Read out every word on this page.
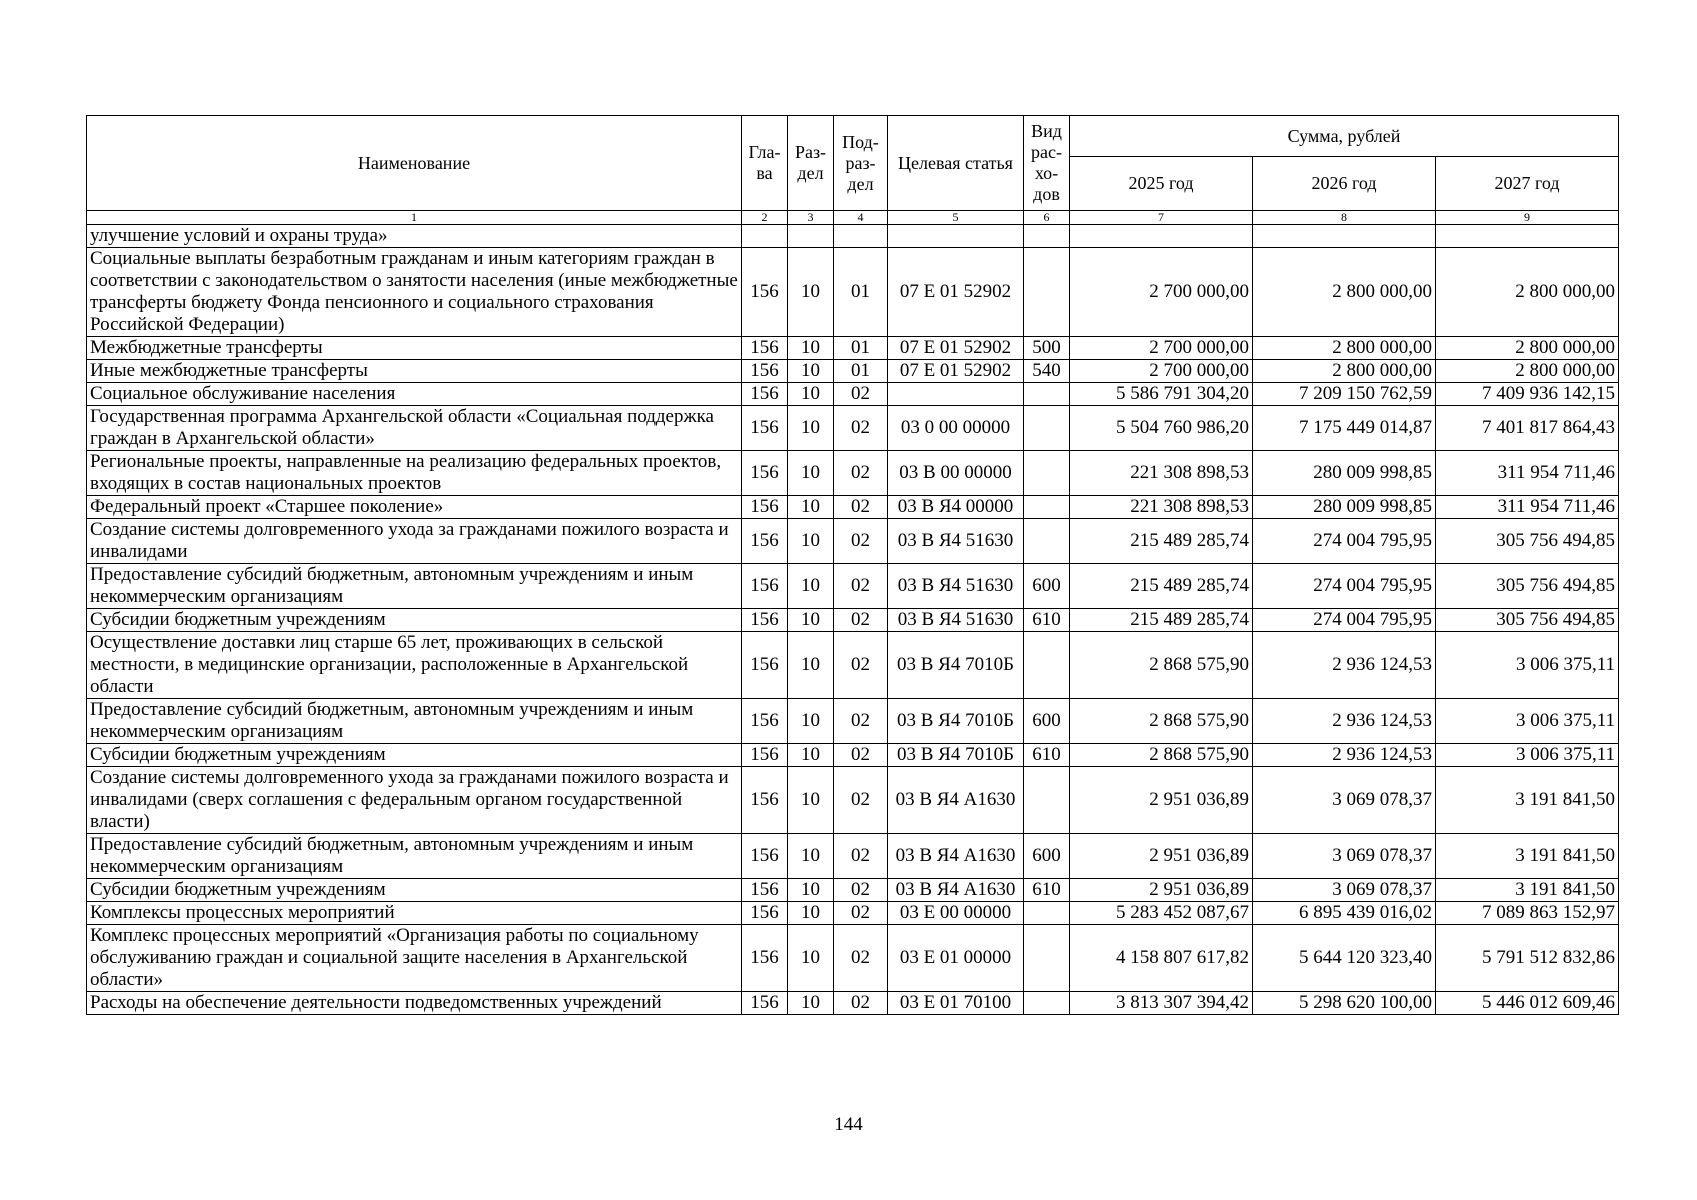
Наименование	Гла-ва	Раз-дел	Под-раз-дел	Целевая статья	Вид рас-хо-дов	Сумма, рублей		
						2025 год	2026 год	2027 год
1	2	3	4	5	6	7	8	9
улучшение условий и охраны труда»								
Социальные выплаты безработным гражданам и иным категориям граждан в соответствии с законодательством о занятости населения (иные межбюджетные трансферты бюджету Фонда пенсионного и социального страхования Российской Федерации)	156	10	01	07 Е 01 52902		2 700 000,00	2 800 000,00	2 800 000,00
Межбюджетные трансферты	156	10	01	07 Е 01 52902	500	2 700 000,00	2 800 000,00	2 800 000,00
Иные межбюджетные трансферты	156	10	01	07 Е 01 52902	540	2 700 000,00	2 800 000,00	2 800 000,00
Социальное обслуживание населения	156	10	02			5 586 791 304,20	7 209 150 762,59	7 409 936 142,15
Государственная программа Архангельской области «Социальная поддержка граждан в Архангельской области»	156	10	02	03 0 00 00000		5 504 760 986,20	7 175 449 014,87	7 401 817 864,43
Региональные проекты, направленные на реализацию федеральных проектов, входящих в состав национальных проектов	156	10	02	03 В 00 00000		221 308 898,53	280 009 998,85	311 954 711,46
Федеральный проект «Старшее поколение»	156	10	02	03 В Я4 00000		221 308 898,53	280 009 998,85	311 954 711,46
Создание системы долговременного ухода за гражданами пожилого возраста и инвалидами	156	10	02	03 В Я4 51630		215 489 285,74	274 004 795,95	305 756 494,85
Предоставление субсидий бюджетным, автономным учреждениям и иным некоммерческим организациям	156	10	02	03 В Я4 51630	600	215 489 285,74	274 004 795,95	305 756 494,85
Субсидии бюджетным учреждениям	156	10	02	03 В Я4 51630	610	215 489 285,74	274 004 795,95	305 756 494,85
Осуществление доставки лиц старше 65 лет, проживающих в сельской местности, в медицинские организации, расположенные в Архангельской области	156	10	02	03 В Я4 7010Б		2 868 575,90	2 936 124,53	3 006 375,11
Предоставление субсидий бюджетным, автономным учреждениям и иным некоммерческим организациям	156	10	02	03 В Я4 7010Б	600	2 868 575,90	2 936 124,53	3 006 375,11
Субсидии бюджетным учреждениям	156	10	02	03 В Я4 7010Б	610	2 868 575,90	2 936 124,53	3 006 375,11
Создание системы долговременного ухода за гражданами пожилого возраста и инвалидами (сверх соглашения с федеральным органом государственной власти)	156	10	02	03 В Я4 А1630		2 951 036,89	3 069 078,37	3 191 841,50
Предоставление субсидий бюджетным, автономным учреждениям и иным некоммерческим организациям	156	10	02	03 В Я4 А1630	600	2 951 036,89	3 069 078,37	3 191 841,50
Субсидии бюджетным учреждениям	156	10	02	03 В Я4 А1630	610	2 951 036,89	3 069 078,37	3 191 841,50
Комплексы процессных мероприятий	156	10	02	03 Е 00 00000		5 283 452 087,67	6 895 439 016,02	7 089 863 152,97
Комплекс процессных мероприятий «Организация работы по социальному обслуживанию граждан и социальной защите населения в Архангельской области»	156	10	02	03 Е 01 00000		4 158 807 617,82	5 644 120 323,40	5 791 512 832,86
Расходы на обеспечение деятельности подведомственных учреждений	156	10	02	03 Е 01 70100		3 813 307 394,42	5 298 620 100,00	5 446 012 609,46
144
